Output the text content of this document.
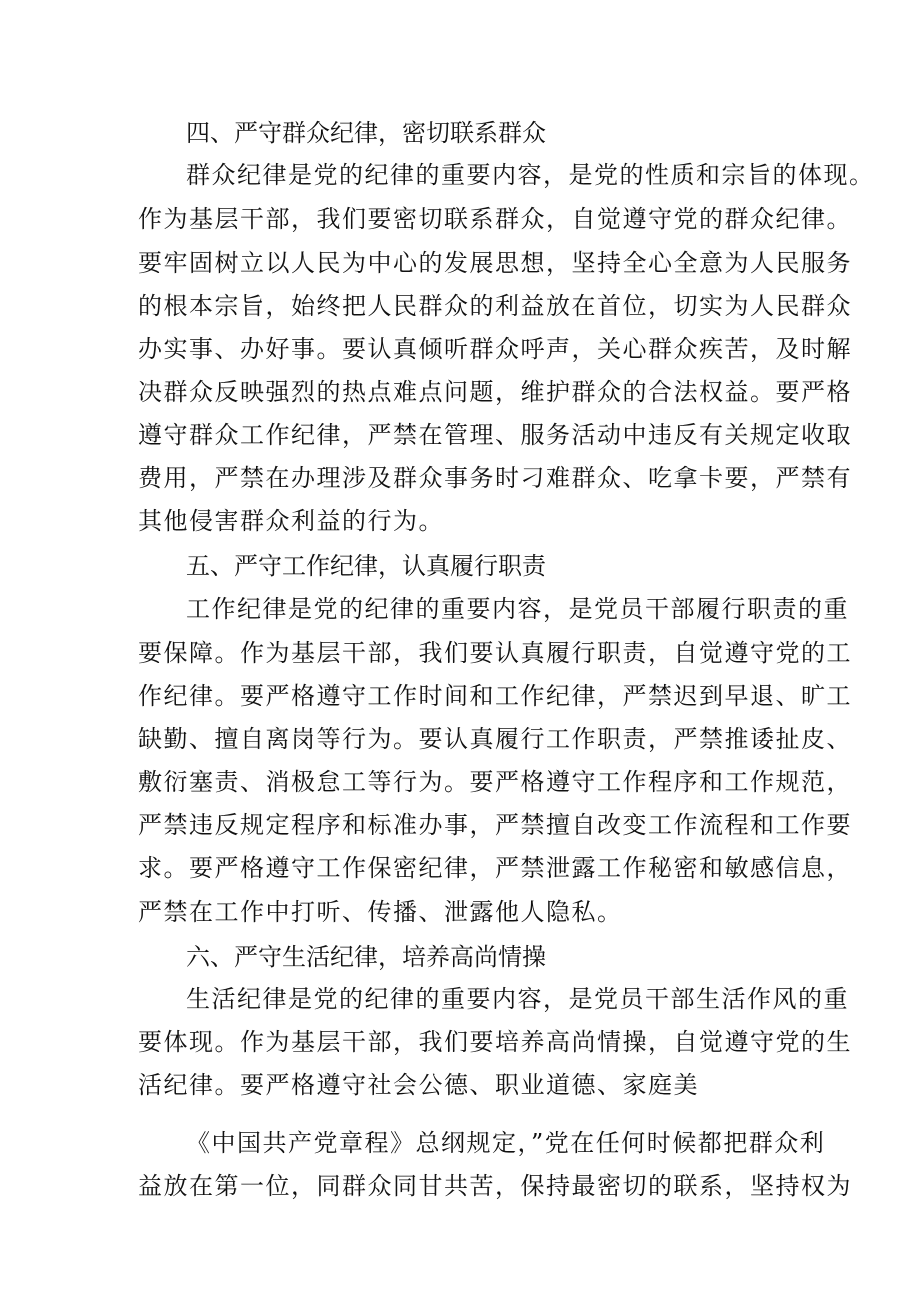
四、严守群众纪律，密切联系群众
群众纪律是党的纪律的重要内容，是党的性质和宗旨的体现。
作为基层干部，我们要密切联系群众，自觉遵守党的群众纪律。
要牢固树立以人民为中心的发展思想，坚持全心全意为人民服务
的根本宗旨，始终把人民群众的利益放在首位，切实为人民群众
办实事、办好事。要认真倾听群众呼声，关心群众疾苦，及时解
决群众反映强烈的热点难点问题，维护群众的合法权益。要严格
遵守群众工作纪律，严禁在管理、服务活动中违反有关规定收取
费用，严禁在办理涉及群众事务时刁难群众、吃拿卡要，严禁有
其他侵害群众利益的行为。
五、严守工作纪律，认真履行职责
工作纪律是党的纪律的重要内容，是党员干部履行职责的重
要保障。作为基层干部，我们要认真履行职责，自觉遵守党的工
作纪律。要严格遵守工作时间和工作纪律，严禁迟到早退、旷工
缺勤、擅自离岗等行为。要认真履行工作职责，严禁推诿扯皮、
敷衍塞责、消极怠工等行为。要严格遵守工作程序和工作规范，
严禁违反规定程序和标准办事，严禁擅自改变工作流程和工作要
求。要严格遵守工作保密纪律，严禁泄露工作秘密和敏感信息，
严禁在工作中打听、传播、泄露他人隐私。
六、严守生活纪律，培养高尚情操
生活纪律是党的纪律的重要内容，是党员干部生活作风的重
要体现。作为基层干部，我们要培养高尚情操，自觉遵守党的生
活纪律。要严格遵守社会公德、职业道德、家庭美
《中国共产党章程》总纲规定，”党在任何时候都把群众利
益放在第一位，同群众同甘共苦，保持最密切的联系，坚持权为
